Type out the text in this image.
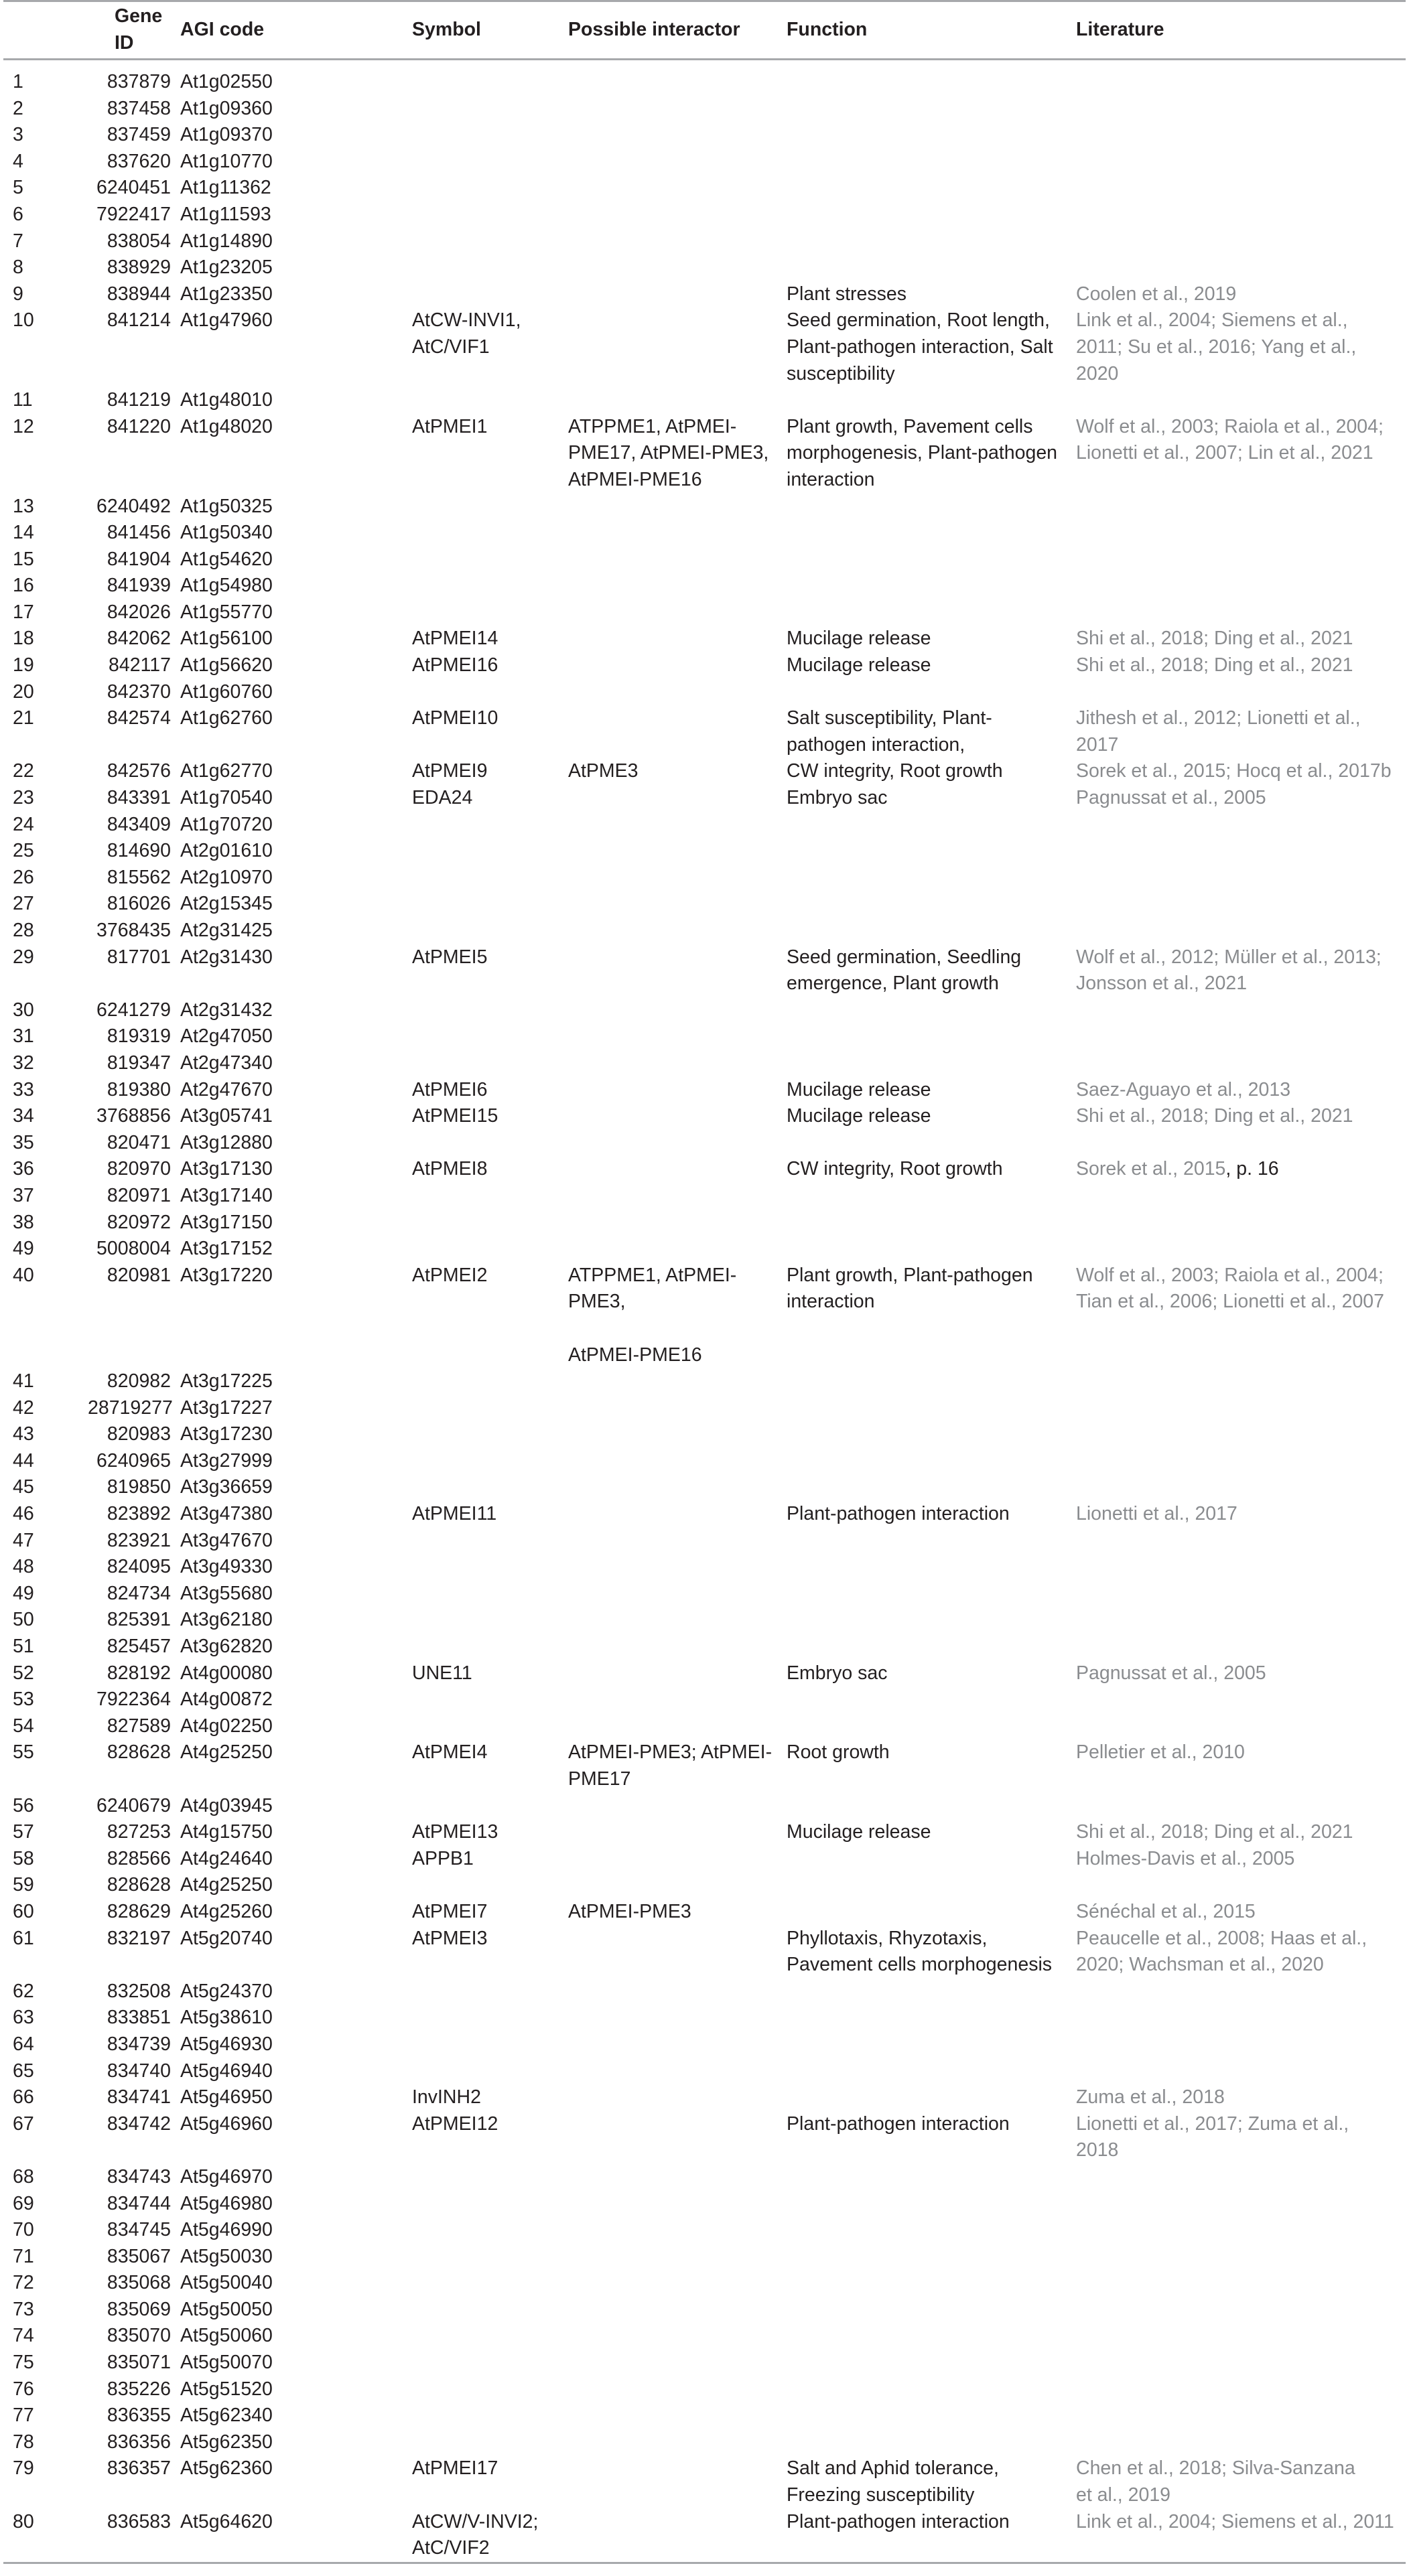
	Gene ID	AGI code	Symbol	Possible interactor	Function	Literature
1	837879	At1g02550				
2	837458	At1g09360				
3	837459	At1g09370				
4	837620	At1g10770				
5	6240451	At1g11362				
6	7922417	At1g11593				
7	838054	At1g14890				
8	838929	At1g23205				
9	838944	At1g23350			Plant stresses	Coolen et al., 2019

10	841214	At1g47960	AtCW-INVI1,
AtC/VIF1		Seed germination, Root length,
Plant-pathogen interaction, Salt
susceptibility	Link et al., 2004; Siemens et al.,
2011; Su et al., 2016; Yang et al.,
2020

11	841219	At1g48010				
12	841220	At1g48020	AtPMEI1	ATPPME1, AtPMEI-
PME17, AtPMEI-PME3,
AtPMEI-PME16	Plant growth, Pavement cells
morphogenesis, Plant-pathogen
interaction	Wolf et al., 2003; Raiola et al., 2004;
Lionetti et al., 2007; Lin et al., 2021

13	6240492	At1g50325				
14	841456	At1g50340				
15	841904	At1g54620				
16	841939	At1g54980				
17	842026	At1g55770				
18	842062	At1g56100	AtPMEI14		Mucilage release	Shi et al., 2018; Ding et al., 2021

19	842117	At1g56620	AtPMEI16		Mucilage release	Shi et al., 2018; Ding et al., 2021

20	842370	At1g60760				
21	842574	At1g62760	AtPMEI10		Salt susceptibility, Plant-
pathogen interaction,	Jithesh et al., 2012; Lionetti et al.,
2017

22	842576	At1g62770	AtPMEI9	AtPME3	CW integrity, Root growth	Sorek et al., 2015; Hocq et al., 2017b

23	843391	At1g70540	EDA24		Embryo sac	Pagnussat et al., 2005

24	843409	At1g70720				
25	814690	At2g01610				
26	815562	At2g10970				
27	816026	At2g15345				
28	3768435	At2g31425				
29	817701	At2g31430	AtPMEI5		Seed germination, Seedling
emergence, Plant growth	Wolf et al., 2012; Müller et al., 2013;
Jonsson et al., 2021

30	6241279	At2g31432				
31	819319	At2g47050				
32	819347	At2g47340				
33	819380	At2g47670	AtPMEI6		Mucilage release	Saez-Aguayo et al., 2013

34	3768856	At3g05741	AtPMEI15		Mucilage release	Shi et al., 2018; Ding et al., 2021

35	820471	At3g12880				
36	820970	At3g17130	AtPMEI8		CW integrity, Root growth	Sorek et al., 2015, p. 16

37	820971	At3g17140				
38	820972	At3g17150				
49	5008004	At3g17152				
40	820981	At3g17220	AtPMEI2	ATPPME1, AtPMEI-
PME3,

AtPMEI-PME16	Plant growth, Plant-pathogen
interaction	Wolf et al., 2003; Raiola et al., 2004;
Tian et al., 2006; Lionetti et al., 2007

41	820982	At3g17225				
42	28719277	At3g17227				
43	820983	At3g17230				
44	6240965	At3g27999				
45	819850	At3g36659				
46	823892	At3g47380	AtPMEI11		Plant-pathogen interaction	Lionetti et al., 2017

47	823921	At3g47670				
48	824095	At3g49330				
49	824734	At3g55680				
50	825391	At3g62180				
51	825457	At3g62820				
52	828192	At4g00080	UNE11		Embryo sac	Pagnussat et al., 2005

53	7922364	At4g00872				
54	827589	At4g02250				
55	828628	At4g25250	AtPMEI4	AtPMEI-PME3; AtPMEI-
PME17	Root growth	Pelletier et al., 2010

56	6240679	At4g03945				
57	827253	At4g15750	AtPMEI13		Mucilage release	Shi et al., 2018; Ding et al., 2021

58	828566	At4g24640	APPB1			Holmes-Davis et al., 2005

59	828628	At4g25250				
60	828629	At4g25260	AtPMEI7	AtPMEI-PME3		Sénéchal et al., 2015

61	832197	At5g20740	AtPMEI3		Phyllotaxis, Rhyzotaxis,
Pavement cells morphogenesis	Peaucelle et al., 2008; Haas et al.,
2020; Wachsman et al., 2020

62	832508	At5g24370				
63	833851	At5g38610				
64	834739	At5g46930				
65	834740	At5g46940				
66	834741	At5g46950	InvINH2			Zuma et al., 2018

67	834742	At5g46960	AtPMEI12		Plant-pathogen interaction	Lionetti et al., 2017; Zuma et al.,
2018

68	834743	At5g46970				
69	834744	At5g46980				
70	834745	At5g46990				
71	835067	At5g50030				
72	835068	At5g50040				
73	835069	At5g50050				
74	835070	At5g50060				
75	835071	At5g50070				
76	835226	At5g51520				
77	836355	At5g62340				
78	836356	At5g62350				
79	836357	At5g62360	AtPMEI17		Salt and Aphid tolerance,
Freezing susceptibility	Chen et al., 2018; Silva-Sanzana
et al., 2019

80	836583	At5g64620	AtCW/V-INVI2;
AtC/VIF2		Plant-pathogen interaction	Link et al., 2004; Siemens et al., 2011
